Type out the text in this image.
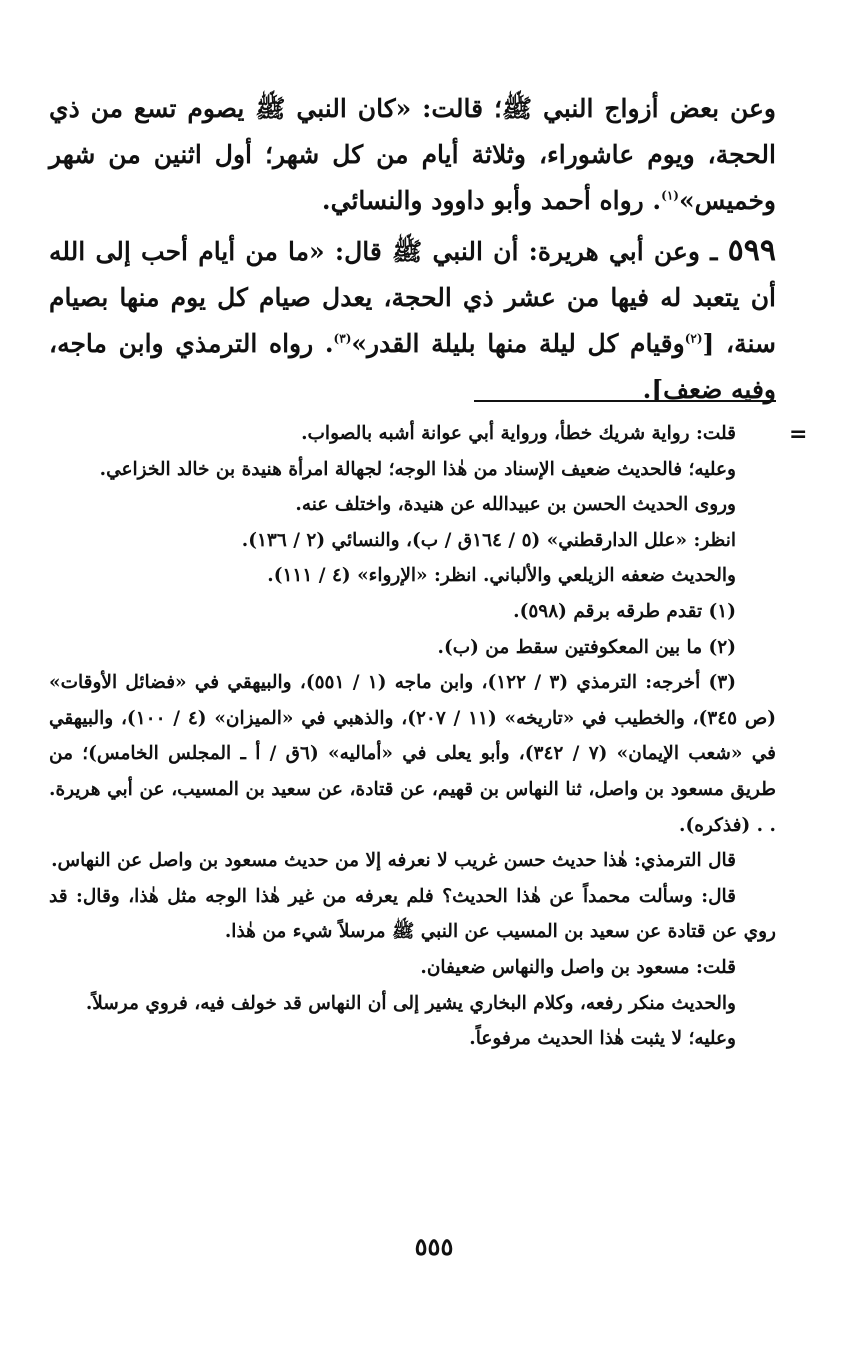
وعن بعض أزواج النبي ﷺ؛ قالت: «كان النبي ﷺ يصوم تسع من ذي الحجة، ويوم عاشوراء، وثلاثة أيام من كل شهر؛ أول اثنين من شهر وخميس»$^{(١)}$. رواه أحمد وأبو داوود والنسائي.

٥٩٩ ـ وعن أبي هريرة: أن النبي ﷺ قال: «ما من أيام أحب إلى الله أن يتعبد له فيها من عشر ذي الحجة، يعدل صيام كل يوم منها بصيام سنة، [$^{(٢)}$وقيام كل ليلة منها بليلة القدر»$^{(٣)}$. رواه الترمذي وابن ماجه، وفيه ضعف].

=

قلت: رواية شريك خطأ، ورواية أبي عوانة أشبه بالصواب.

وعليه؛ فالحديث ضعيف الإسناد من هٰذا الوجه؛ لجهالة امرأة هنيدة بن خالد الخزاعي.

وروى الحديث الحسن بن عبيدالله عن هنيدة، واختلف عنه.

انظر: «علل الدارقطني» (٥ / ١٦٤ق / ب)، والنسائي (٢ / ١٣٦).

والحديث ضعفه الزيلعي والألباني. انظر: «الإرواء» (٤ / ١١١).

(١) تقدم طرقه برقم (٥٩٨).

(٢) ما بين المعكوفتين سقط من (ب).

(٣) أخرجه: الترمذي (٣ / ١٢٢)، وابن ماجه (١ / ٥٥١)، والبيهقي في «فضائل الأوقات» (ص ٣٤٥)، والخطيب في «تاريخه» (١١ / ٢٠٧)، والذهبي في «الميزان» (٤ / ١٠٠)، والبيهقي في «شعب الإيمان» (٧ / ٣٤٢)، وأبو يعلى في «أماليه» (٦ق / أ ـ المجلس الخامس)؛ من طريق مسعود بن واصل، ثنا النهاس بن قهيم، عن قتادة، عن سعيد بن المسيب، عن أبي هريرة. . . (فذكره).

قال الترمذي: هٰذا حديث حسن غريب لا نعرفه إلا من حديث مسعود بن واصل عن النهاس.

قال: وسألت محمداً عن هٰذا الحديث؟ فلم يعرفه من غير هٰذا الوجه مثل هٰذا، وقال: قد روي عن قتادة عن سعيد بن المسيب عن النبي ﷺ مرسلاً شيء من هٰذا.

قلت: مسعود بن واصل والنهاس ضعيفان.

والحديث منكر رفعه، وكلام البخاري يشير إلى أن النهاس قد خولف فيه، فروي مرسلاً.

وعليه؛ لا يثبت هٰذا الحديث مرفوعاً.

٥٥٥
